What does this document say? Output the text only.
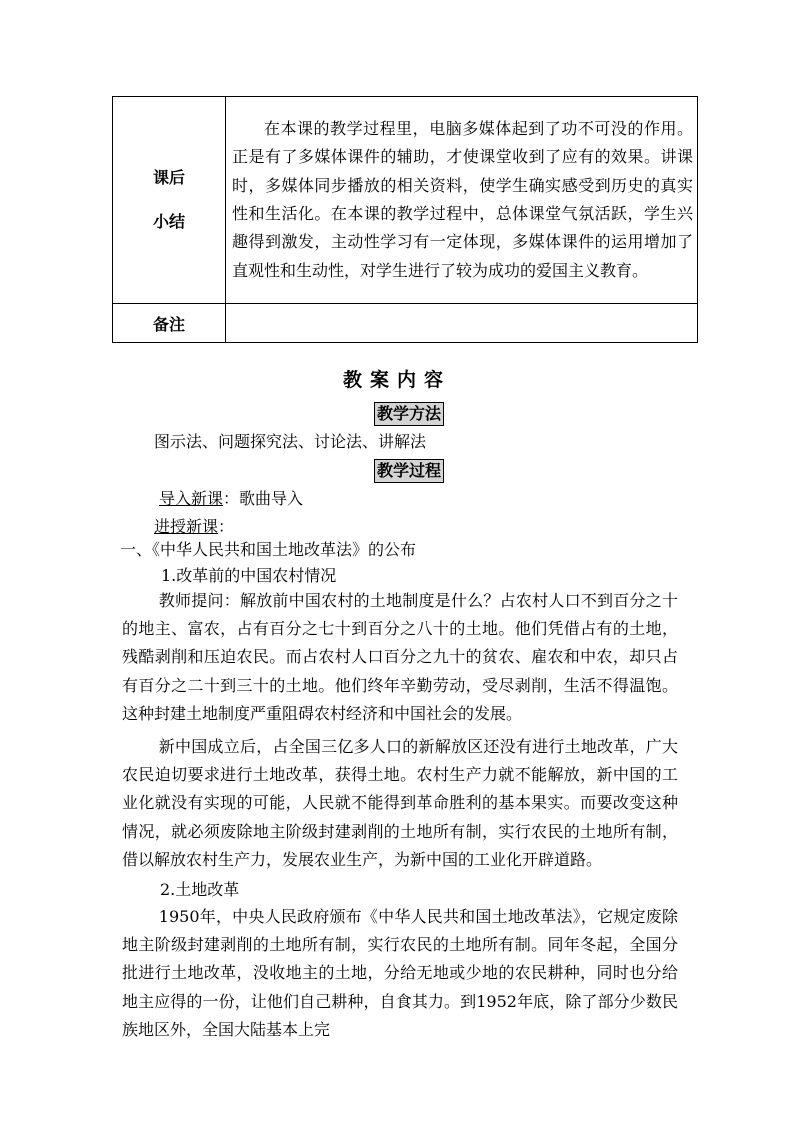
课后
小结	在本课的教学过程里，电脑多媒体起到了功不可没的作用。正是有了多媒体课件的辅助，才使课堂收到了应有的效果。讲课时，多媒体同步播放的相关资料，使学生确实感受到历史的真实性和生活化。在本课的教学过程中，总体课堂气氛活跃，学生兴趣得到激发，主动性学习有一定体现，多媒体课件的运用增加了直观性和生动性，对学生进行了较为成功的爱国主义教育。

备注	
教案内容
教学方法
图示法、问题探究法、讨论法、讲解法
教学过程
导入新课：歌曲导入
进授新课：
一、《中华人民共和国土地改革法》的公布
1.改革前的中国农村情况

教师提问：解放前中国农村的土地制度是什么？占农村人口不到百分之十的地主、富农，占有百分之七十到百分之八十的土地。他们凭借占有的土地，残酷剥削和压迫农民。而占农村人口百分之九十的贫农、雇农和中农，却只占有百分之二十到三十的土地。他们终年辛勤劳动，受尽剥削，生活不得温饱。这种封建土地制度严重阻碍农村经济和中国社会的发展。

新中国成立后，占全国三亿多人口的新解放区还没有进行土地改革，广大农民迫切要求进行土地改革，获得土地。农村生产力就不能解放，新中国的工业化就没有实现的可能，人民就不能得到革命胜利的基本果实。而要改变这种情况，就必须废除地主阶级封建剥削的土地所有制，实行农民的土地所有制，借以解放农村生产力，发展农业生产，为新中国的工业化开辟道路。

2.土地改革

1950年，中央人民政府颁布《中华人民共和国土地改革法》，它规定废除地主阶级封建剥削的土地所有制，实行农民的土地所有制。同年冬起，全国分批进行土地改革，没收地主的土地，分给无地或少地的农民耕种，同时也分给地主应得的一份，让他们自己耕种，自食其力。到1952年底，除了部分少数民族地区外，全国大陆基本上完
